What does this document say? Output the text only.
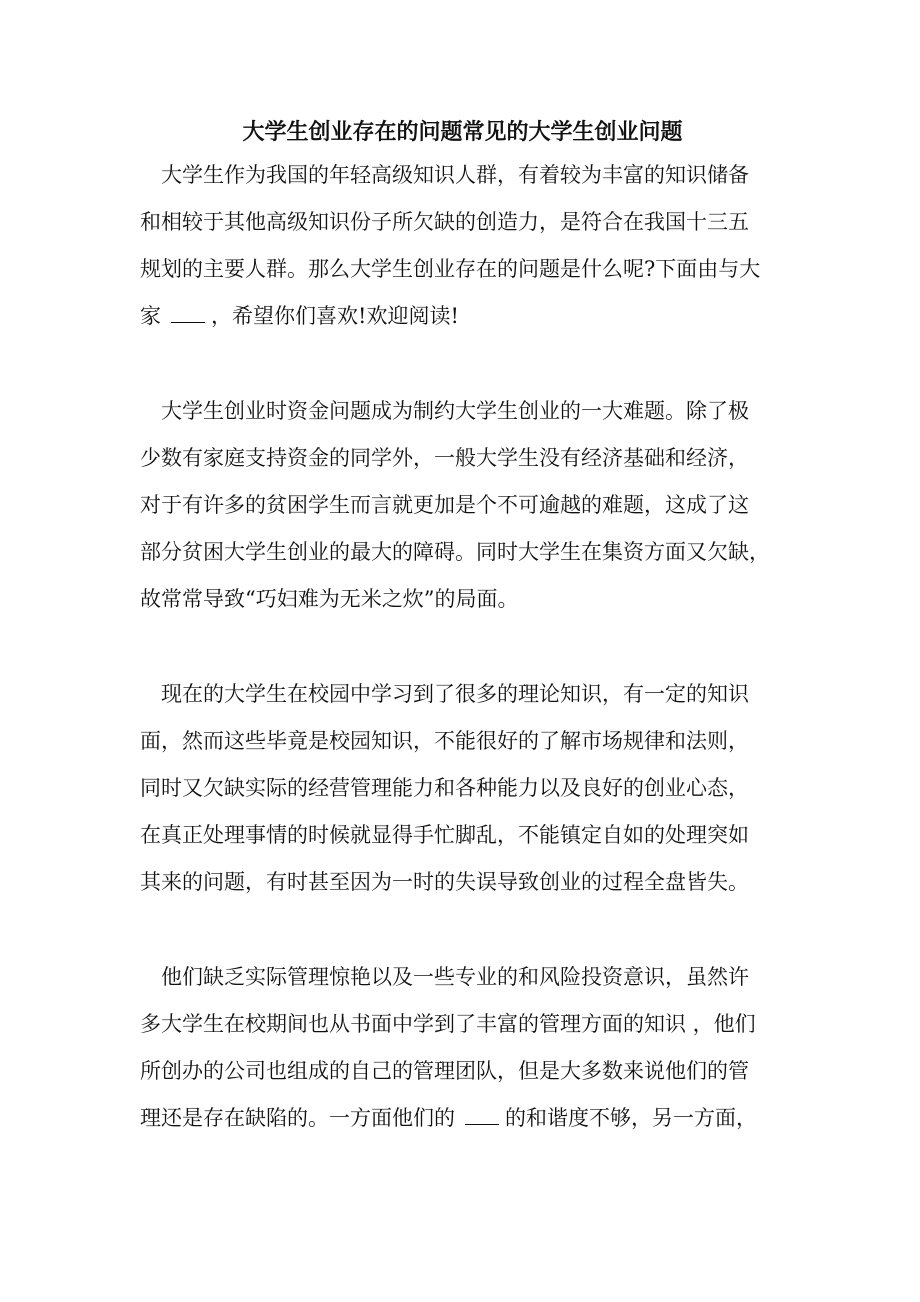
大学生创业存在的问题常见的大学生创业问题
大学生作为我国的年轻高级知识人群，有着较为丰富的知识储备
和相较于其他高级知识份子所欠缺的创造力，是符合在我国十三五
规划的主要人群。那么大学生创业存在的问题是什么呢?下面由与大
家 ，希望你们喜欢!欢迎阅读!
大学生创业时资金问题成为制约大学生创业的一大难题。除了极
少数有家庭支持资金的同学外，一般大学生没有经济基础和经济，
对于有许多的贫困学生而言就更加是个不可逾越的难题，这成了这
部分贫困大学生创业的最大的障碍。同时大学生在集资方面又欠缺，
故常常导致“巧妇难为无米之炊”的局面。
现在的大学生在校园中学习到了很多的理论知识，有一定的知识
面，然而这些毕竟是校园知识，不能很好的了解市场规律和法则，
同时又欠缺实际的经营管理能力和各种能力以及良好的创业心态，
在真正处理事情的时候就显得手忙脚乱，不能镇定自如的处理突如
其来的问题，有时甚至因为一时的失误导致创业的过程全盘皆失。
他们缺乏实际管理惊艳以及一些专业的和风险投资意识，虽然许
多大学生在校期间也从书面中学到了丰富的管理方面的知识 ，他们
所创办的公司也组成的自己的管理团队，但是大多数来说他们的管
理还是存在缺陷的。一方面他们的 的和谐度不够，另一方面，
